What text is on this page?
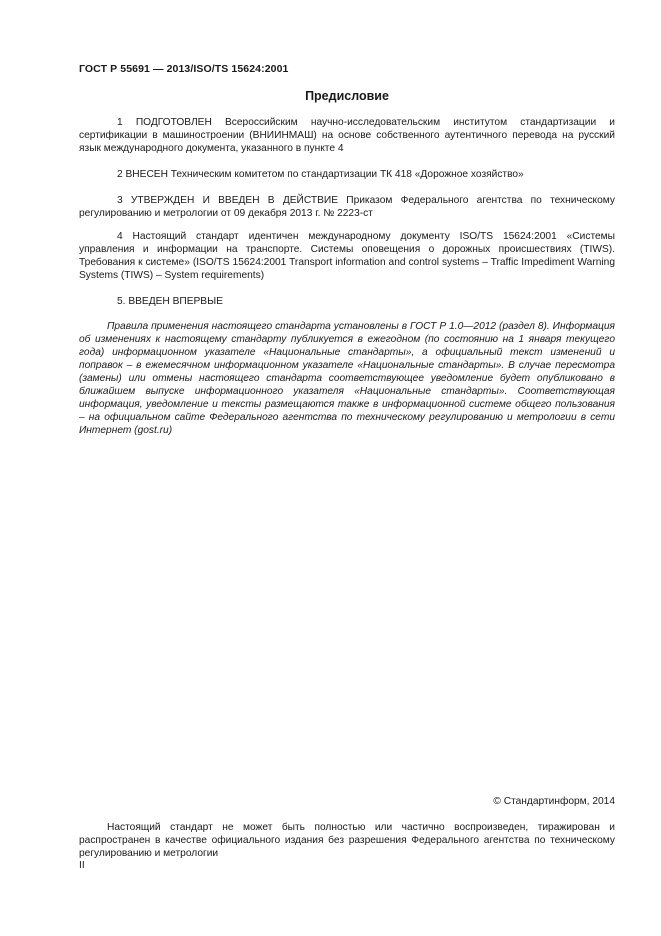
ГОСТ Р 55691 — 2013/ISO/TS 15624:2001
Предисловие

1 ПОДГОТОВЛЕН Всероссийским научно-исследовательским институтом стандартизации и сертификации в машиностроении (ВНИИНМАШ) на основе собственного аутентичного перевода на русский язык международного документа, указанного в пункте 4

2 ВНЕСЕН Техническим комитетом по стандартизации ТК 418 «Дорожное хозяйство»

3 УТВЕРЖДЕН И ВВЕДЕН В ДЕЙСТВИЕ Приказом Федерального агентства по техническому регулированию и метрологии от 09 декабря 2013 г. № 2223-ст

4 Настоящий стандарт идентичен международному документу ISO/TS 15624:2001 «Системы управления и информации на транспорте. Системы оповещения о дорожных происшествиях (TIWS). Требования к системе» (ISO/TS 15624:2001 Transport information and control systems – Traffic Impediment Warning Systems (TIWS) – System requirements)

5. ВВЕДЕН ВПЕРВЫЕ

Правила применения настоящего стандарта установлены в ГОСТ Р 1.0—2012 (раздел 8). Информация об изменениях к настоящему стандарту публикуется в ежегодном (по состоянию на 1 января текущего года) информационном указателе «Национальные стандарты», а официальный текст изменений и поправок – в ежемесячном информационном указателе «Национальные стандарты». В случае пересмотра (замены) или отмены настоящего стандарта соответствующее уведомление будет опубликовано в ближайшем выпуске информационного указателя «Национальные стандарты». Соответствующая информация, уведомление и тексты размещаются также в информационной системе общего пользования – на официальном сайте Федерального агентства по техническому регулированию и метрологии в сети Интернет (gost.ru)

© Стандартинформ, 2014

Настоящий стандарт не может быть полностью или частично воспроизведен, тиражирован и распространен в качестве официального издания без разрешения Федерального агентства по техническому регулированию и метрологии

II
